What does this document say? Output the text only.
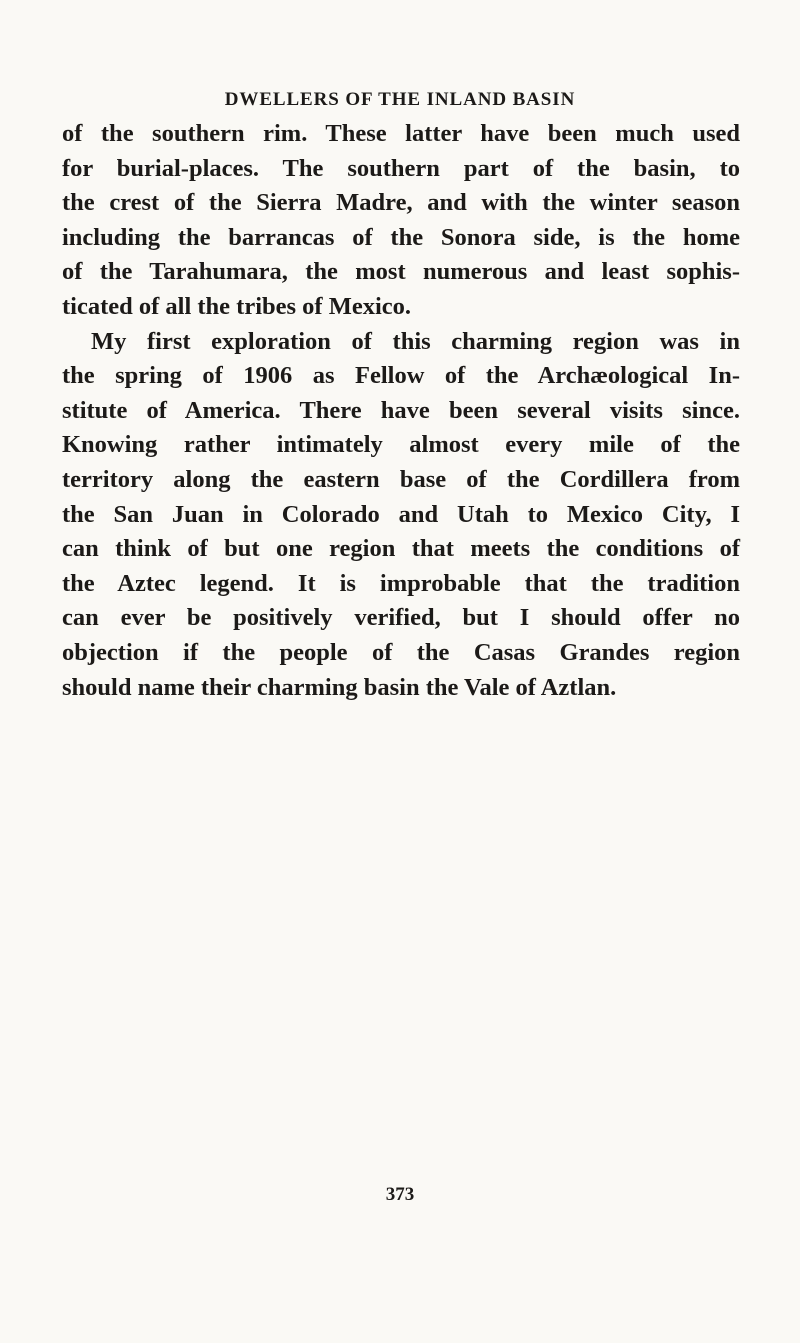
DWELLERS OF THE INLAND BASIN
of the southern rim. These latter have been much used
for burial-places. The southern part of the basin, to
the crest of the Sierra Madre, and with the winter season
including the barrancas of the Sonora side, is the home
of the Tarahumara, the most numerous and least sophis-
ticated of all the tribes of Mexico.
My first exploration of this charming region was in
the spring of 1906 as Fellow of the Archæological In-
stitute of America. There have been several visits since.
Knowing rather intimately almost every mile of the
territory along the eastern base of the Cordillera from
the San Juan in Colorado and Utah to Mexico City, I
can think of but one region that meets the conditions of
the Aztec legend. It is improbable that the tradition
can ever be positively verified, but I should offer no
objection if the people of the Casas Grandes region
should name their charming basin the Vale of Aztlan.
373
